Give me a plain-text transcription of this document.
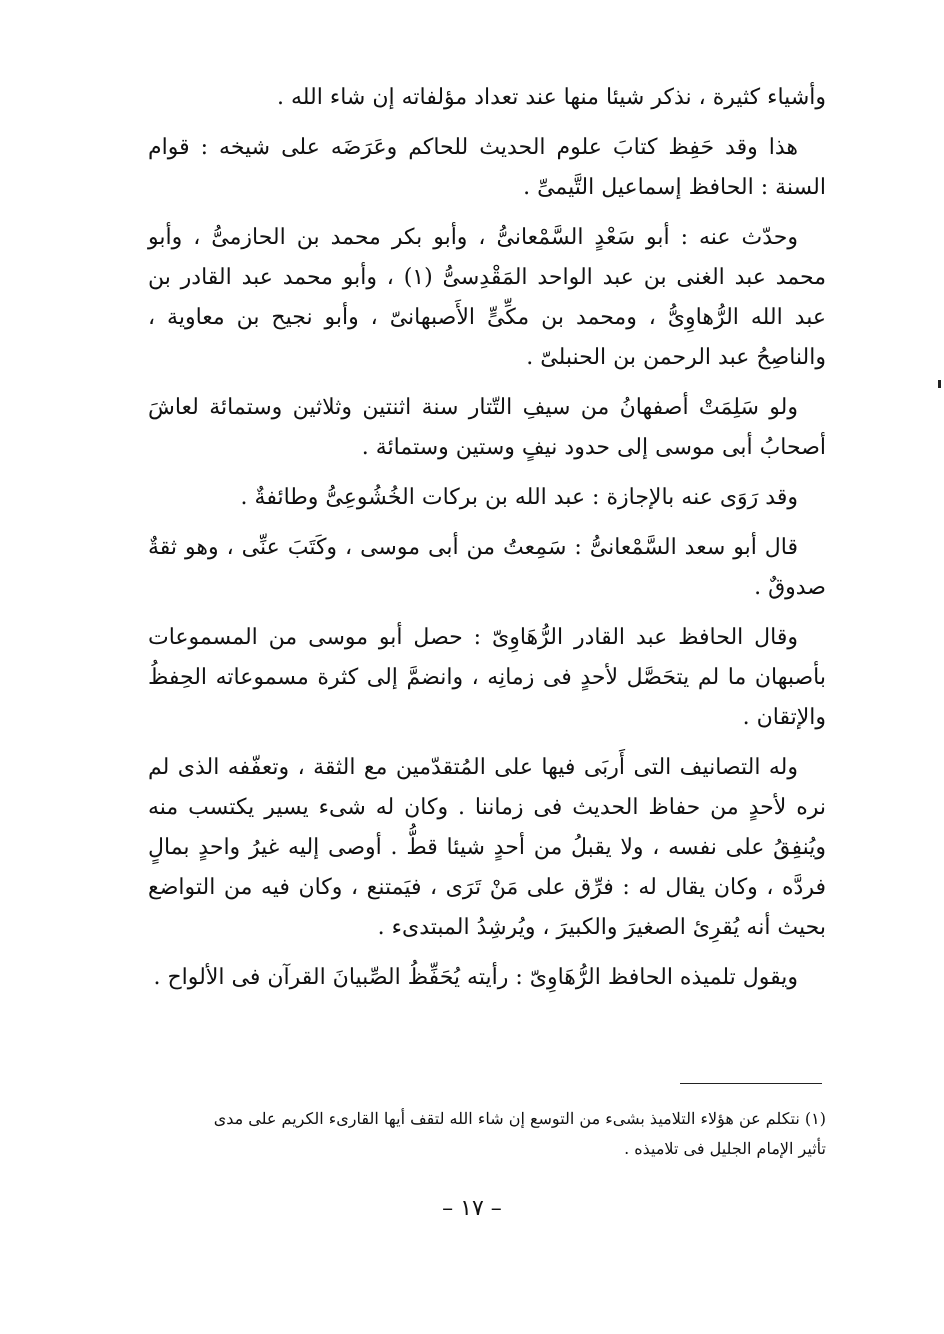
وأشياء كثيرة ، نذكر شيئا منها عند تعداد مؤلفاته إن شاء الله .

هذا وقد حَفِظ كتابَ علوم الحديث للحاكم وعَرَضَه على شيخه : قوام السنة : الحافظ إسماعيل التَّيمىِّ .

وحدّث عنه : أبو سَعْدٍ السَّمْعانىُّ ، وأبو بكر محمد بن الحازمىُّ ، وأبو محمد عبد الغنى بن عبد الواحد المَقْدِسىُّ (١) ، وأبو محمد عبد القادر بن عبد الله الرُّهاوِىُّ ، ومحمد بن مكِّىٍّ الأَصبهانىّ ، وأبو نجيح بن معاوية ، والناصِحُ عبد الرحمن بن الحنبلىّ .

ولو سَلِمَتْ أصفهانُ من سيفِ التّتار سنة اثنتين وثلاثين وستمائة لعاشَ أصحابُ أبى موسى إلى حدود نيفٍ وستين وستمائة .

وقد رَوَى عنه بالإجازة : عبد الله بن بركات الخُشُوعِىُّ وطائفةٌ .

قال أبو سعد السَّمْعانىُّ : سَمِعتُ من أبى موسى ، وكَتَبَ عنِّى ، وهو ثقةٌ صدوقٌ .

وقال الحافظ عبد القادر الرُّهَاوِىّ : حصل أبو موسى من المسموعات بأصبهان ما لم يتحَصَّل لأحدٍ فى زمانِه ، وانضمَّ إلى كثرة مسموعاته الحِفظُ والإتقان .

وله التصانيف التى أَربَى فيها على المُتقدّمين مع الثقة ، وتعفّفه الذى لم نره لأحدٍ من حفاظ الحديث فى زماننا . وكان له شىء يسير يكتسب منه ويُنفِقُ على نفسه ، ولا يقبلُ من أحدٍ شيئا قطُّ . أوصى إليه غيرُ واحدٍ بمالٍ فردَّه ، وكان يقال له : فرِّق على مَنْ تَرَى ، فيَمتنع ، وكان فيه من التواضع بحيث أنه يُقرِئ الصغيرَ والكبيرَ ، ويُرشِدُ المبتدىء .

ويقول تلميذه الحافظ الرُّهَاوِىّ : رأيته يُحَفِّظُ الصِّبيانَ القرآن فى الألواح .

(١) نتكلم عن هؤلاء التلاميذ بشىء من التوسع إن شاء الله لتقف أيها القارىء الكريم على مدى
تأثير الإمام الجليل فى تلاميذه .
– ١٧ –
